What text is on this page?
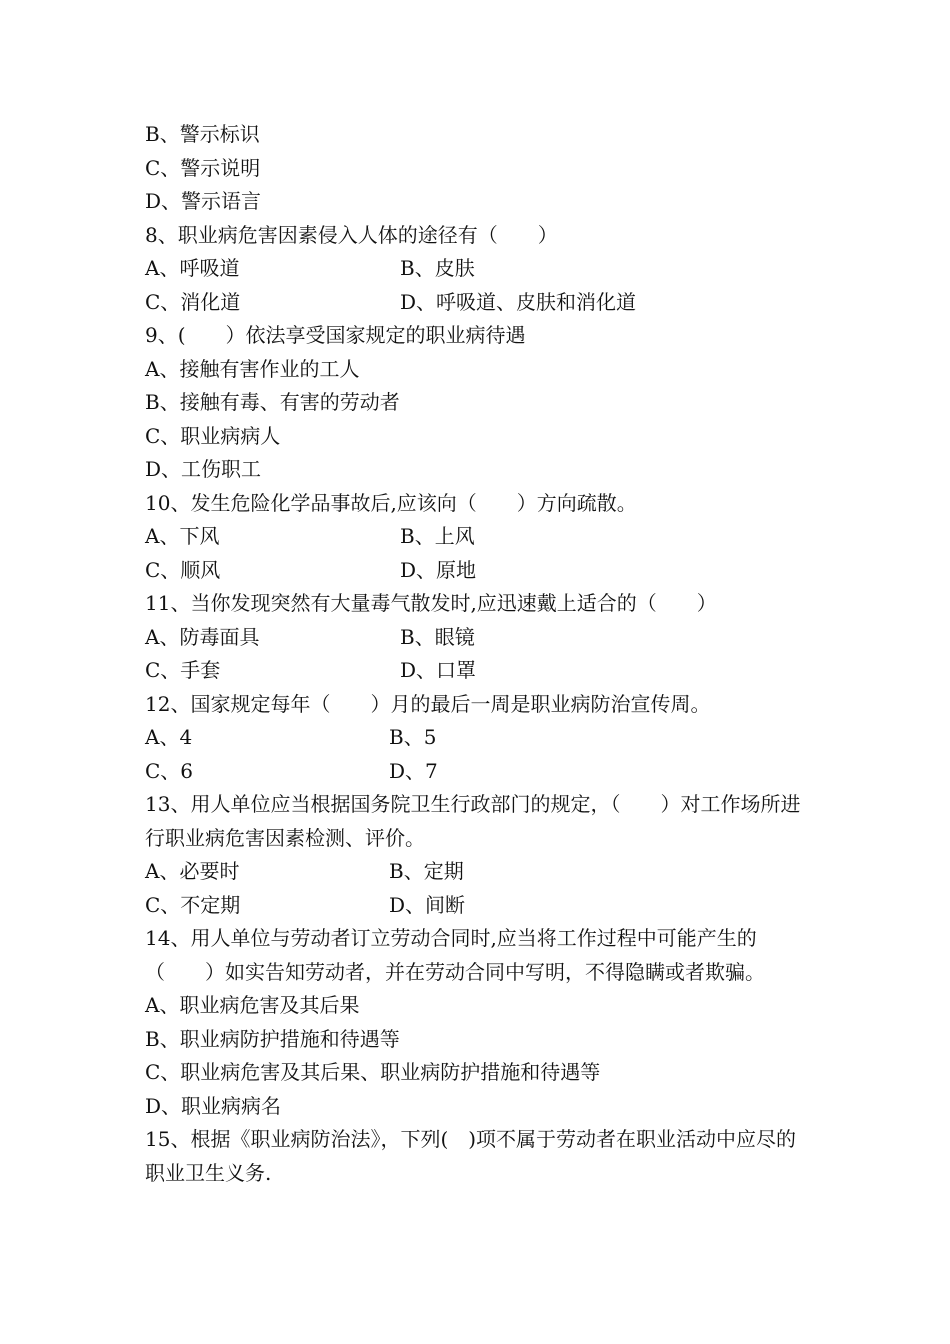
B、警示标识
C、警示说明
D、警示语言
8、职业病危害因素侵入人体的途径有（　　）
A、呼吸道	B、皮肤
C、消化道	D、呼吸道、皮肤和消化道
9、(　　）依法享受国家规定的职业病待遇
A、接触有害作业的工人
B、接触有毒、有害的劳动者
C、职业病病人
D、工伤职工
10、发生危险化学品事故后,应该向（　　）方向疏散。
A、下风	B、上风
C、顺风	D、原地
11、当你发现突然有大量毒气散发时,应迅速戴上适合的（　　）
A、防毒面具	B、眼镜
C、手套	D、口罩
12、国家规定每年（　　）月的最后一周是职业病防治宣传周。
A、4	B、5
C、6	D、7
13、用人单位应当根据国务院卫生行政部门的规定，（　　）对工作场所进行职业病危害因素检测、评价。
A、必要时	B、定期
C、不定期	D、间断
14、用人单位与劳动者订立劳动合同时,应当将工作过程中可能产生的（　　）如实告知劳动者，并在劳动合同中写明，不得隐瞒或者欺骗。
A、职业病危害及其后果
B、职业病防护措施和待遇等
C、职业病危害及其后果、职业病防护措施和待遇等
D、职业病病名
15、根据《职业病防治法》，下列(　)项不属于劳动者在职业活动中应尽的职业卫生义务.
